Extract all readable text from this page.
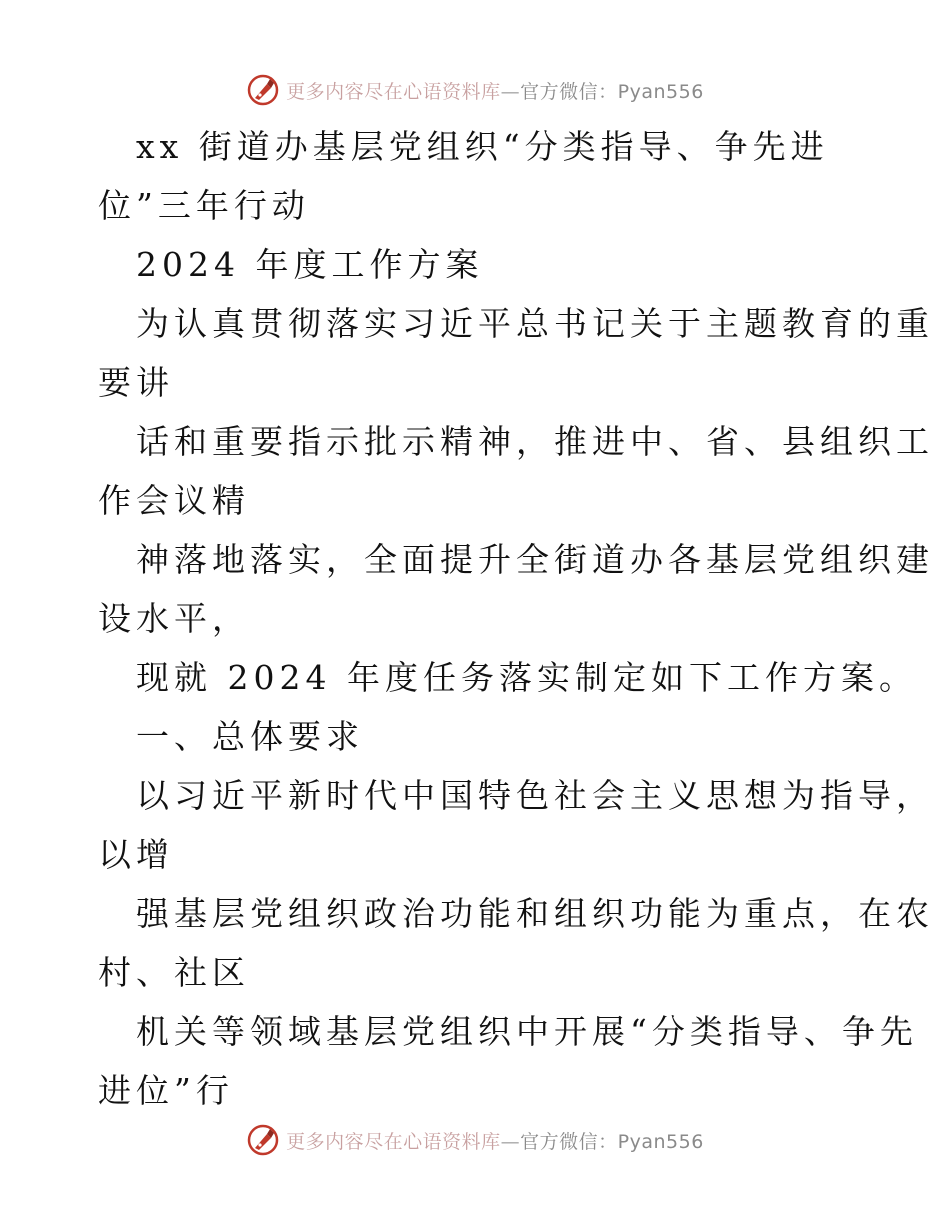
更多内容尽在心语资料库—官方微信：Pyan556
xx 街道办基层党组织“分类指导、争先进
位”三年行动
2024 年度工作方案
为认真贯彻落实习近平总书记关于主题教育的重
要讲
话和重要指示批示精神，推进中、省、县组织工
作会议精
神落地落实，全面提升全街道办各基层党组织建
设水平，
现就 2024 年度任务落实制定如下工作方案。
一、总体要求
以习近平新时代中国特色社会主义思想为指导，
以增
强基层党组织政治功能和组织功能为重点，在农
村、社区
机关等领域基层党组织中开展“分类指导、争先
进位”行
更多内容尽在心语资料库—官方微信：Pyan556
